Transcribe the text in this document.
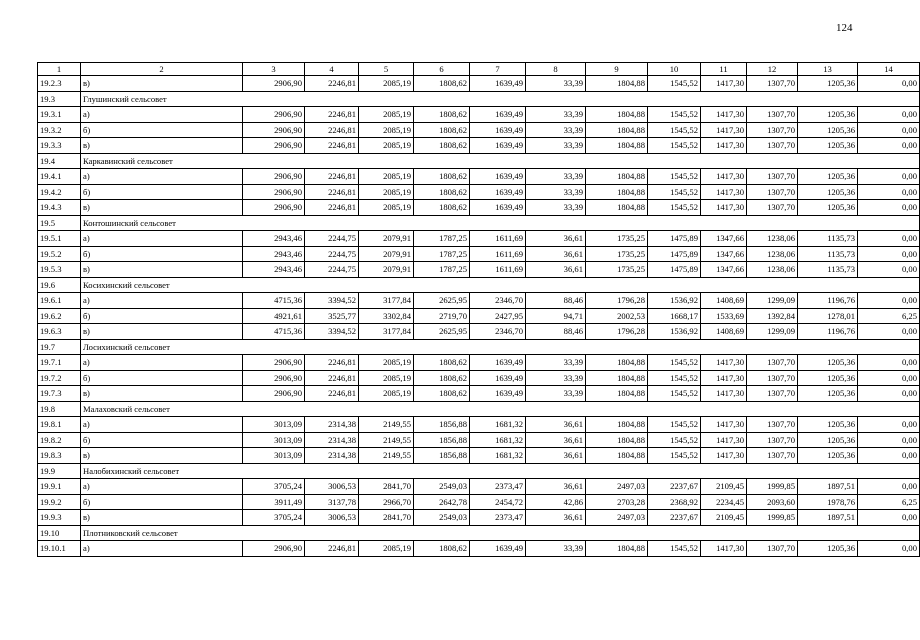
124
1	2	3	4	5	6	7	8	9	10	11	12	13	14
19.2.3	в)	2906,90	2246,81	2085,19	1808,62	1639,49	33,39	1804,88	1545,52	1417,30	1307,70	1205,36	0,00
19.3	Глушинский сельсовет												
19.3.1	а)	2906,90	2246,81	2085,19	1808,62	1639,49	33,39	1804,88	1545,52	1417,30	1307,70	1205,36	0,00
19.3.2	б)	2906,90	2246,81	2085,19	1808,62	1639,49	33,39	1804,88	1545,52	1417,30	1307,70	1205,36	0,00
19.3.3	в)	2906,90	2246,81	2085,19	1808,62	1639,49	33,39	1804,88	1545,52	1417,30	1307,70	1205,36	0,00
19.4	Каркавинский сельсовет												
19.4.1	а)	2906,90	2246,81	2085,19	1808,62	1639,49	33,39	1804,88	1545,52	1417,30	1307,70	1205,36	0,00
19.4.2	б)	2906,90	2246,81	2085,19	1808,62	1639,49	33,39	1804,88	1545,52	1417,30	1307,70	1205,36	0,00
19.4.3	в)	2906,90	2246,81	2085,19	1808,62	1639,49	33,39	1804,88	1545,52	1417,30	1307,70	1205,36	0,00
19.5	Контошинский сельсовет												
19.5.1	а)	2943,46	2244,75	2079,91	1787,25	1611,69	36,61	1735,25	1475,89	1347,66	1238,06	1135,73	0,00
19.5.2	б)	2943,46	2244,75	2079,91	1787,25	1611,69	36,61	1735,25	1475,89	1347,66	1238,06	1135,73	0,00
19.5.3	в)	2943,46	2244,75	2079,91	1787,25	1611,69	36,61	1735,25	1475,89	1347,66	1238,06	1135,73	0,00
19.6	Косихинский сельсовет												
19.6.1	а)	4715,36	3394,52	3177,84	2625,95	2346,70	88,46	1796,28	1536,92	1408,69	1299,09	1196,76	0,00
19.6.2	б)	4921,61	3525,77	3302,84	2719,70	2427,95	94,71	2002,53	1668,17	1533,69	1392,84	1278,01	6,25
19.6.3	в)	4715,36	3394,52	3177,84	2625,95	2346,70	88,46	1796,28	1536,92	1408,69	1299,09	1196,76	0,00
19.7	Лосихинский сельсовет												
19.7.1	а)	2906,90	2246,81	2085,19	1808,62	1639,49	33,39	1804,88	1545,52	1417,30	1307,70	1205,36	0,00
19.7.2	б)	2906,90	2246,81	2085,19	1808,62	1639,49	33,39	1804,88	1545,52	1417,30	1307,70	1205,36	0,00
19.7.3	в)	2906,90	2246,81	2085,19	1808,62	1639,49	33,39	1804,88	1545,52	1417,30	1307,70	1205,36	0,00
19.8	Малаховский сельсовет												
19.8.1	а)	3013,09	2314,38	2149,55	1856,88	1681,32	36,61	1804,88	1545,52	1417,30	1307,70	1205,36	0,00
19.8.2	б)	3013,09	2314,38	2149,55	1856,88	1681,32	36,61	1804,88	1545,52	1417,30	1307,70	1205,36	0,00
19.8.3	в)	3013,09	2314,38	2149,55	1856,88	1681,32	36,61	1804,88	1545,52	1417,30	1307,70	1205,36	0,00
19.9	Налобихинский сельсовет												
19.9.1	а)	3705,24	3006,53	2841,70	2549,03	2373,47	36,61	2497,03	2237,67	2109,45	1999,85	1897,51	0,00
19.9.2	б)	3911,49	3137,78	2966,70	2642,78	2454,72	42,86	2703,28	2368,92	2234,45	2093,60	1978,76	6,25
19.9.3	в)	3705,24	3006,53	2841,70	2549,03	2373,47	36,61	2497,03	2237,67	2109,45	1999,85	1897,51	0,00
19.10	Плотниковский сельсовет												
19.10.1	а)	2906,90	2246,81	2085,19	1808,62	1639,49	33,39	1804,88	1545,52	1417,30	1307,70	1205,36	0,00
